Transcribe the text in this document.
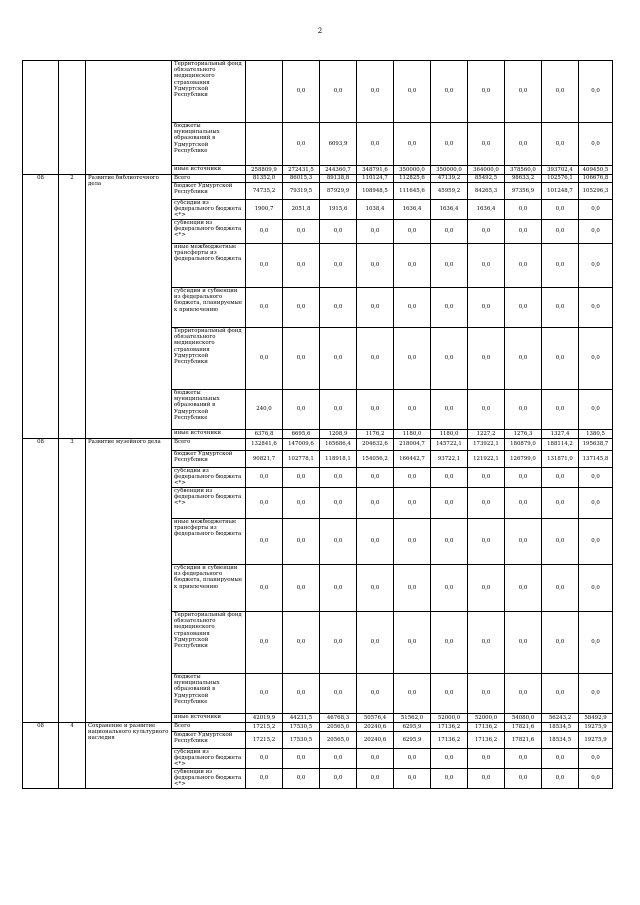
2
			Территориальный фонд обязательного медицинского страхования Удмуртской Республики		0,0	0,0	0,0	0,0	0,0	0,0	0,0	0,0	0,0
			бюджеты муниципальных образований в Удмуртской Республике		0,0	6093,9	0,0	0,0	0,0	0,0	0,0	0,0	0,0
			иные источники	258809,9	272431,5	244360,7	348791,6	350000,0	350000,0	364000,0	378560,0	393702,4	409450,5
08	2	Развитие библиотечного дела	Всего	81352,0	86015,3	89138,8	110124,7	112825,6	47139,2	85492,5	98633,2	102576,1	106676,8
			бюджет Удмуртской Республики	74735,2	79319,5	87929,9	108948,5	111645,6	45959,2	84265,3	97356,9	101248,7	105296,3
			субсидии из федерального бюджета <*>	1900,7	2051,8	1915,6	1038,4	1636,4	1636,4	1636,4	0,0	0,0	0,0
			субвенции из федерального бюджета <*>	0,0	0,0	0,0	0,0	0,0	0,0	0,0	0,0	0,0	0,0
			иные межбюджетные трансферты из федерального бюджета	0,0	0,0	0,0	0,0	0,0	0,0	0,0	0,0	0,0	0,0
			субсидии и субвенции из федерального бюджета, планируемые к привлечению	0,0	0,0	0,0	0,0	0,0	0,0	0,0	0,0	0,0	0,0
			Территориальный фонд обязательного медицинского страхования Удмуртской Республики	0,0	0,0	0,0	0,0	0,0	0,0	0,0	0,0	0,0	0,0
			бюджеты муниципальных образований в Удмуртской Республике	240,0	0,0	0,0	0,0	0,0	0,0	0,0	0,0	0,0	0,0
			иные источники	6376,8	6695,6	1208,9	1176,2	1180,0	1180,0	1227,2	1276,3	1327,4	1380,5
08	3	Развитие музейного дела	Всего	132841,6	147009,6	165686,4	204632,6	218004,7	145722,1	173922,1	180879,0	188114,2	195638,7
			бюджет Удмуртской Республики	90821,7	102778,1	118918,1	154056,2	166442,7	93722,1	121922,1	126799,0	131871,0	137145,8
			субсидии из федерального бюджета <*>	0,0	0,0	0,0	0,0	0,0	0,0	0,0	0,0	0,0	0,0
			субвенции из федерального бюджета <*>	0,0	0,0	0,0	0,0	0,0	0,0	0,0	0,0	0,0	0,0
			иные межбюджетные трансферты из федерального бюджета	0,0	0,0	0,0	0,0	0,0	0,0	0,0	0,0	0,0	0,0
			субсидии и субвенции из федерального бюджета, планируемые к привлечению	0,0	0,0	0,0	0,0	0,0	0,0	0,0	0,0	0,0	0,0
			Территориальный фонд обязательного медицинского страхования Удмуртской Республики	0,0	0,0	0,0	0,0	0,0	0,0	0,0	0,0	0,0	0,0
			бюджеты муниципальных образований в Удмуртской Республике	0,0	0,0	0,0	0,0	0,0	0,0	0,0	0,0	0,0	0,0
			иные источники	42019,9	44231,5	46768,3	50576,4	51562,0	52000,0	52000,0	54080,0	56243,2	58492,9
08	4	Сохранение и развитие национального культурного наследия	Всего	17215,2	17530,5	20565,0	20240,6	6295,9	17136,2	17136,2	17821,6	18534,5	19275,9
			бюджет Удмуртской Республики	17215,2	17530,5	20565,0	20240,6	6295,9	17136,2	17136,2	17821,6	18534,5	19275,9
			субсидии из федерального бюджета <*>	0,0	0,0	0,0	0,0	0,0	0,0	0,0	0,0	0,0	0,0
			субвенции из федерального бюджета <*>	0,0	0,0	0,0	0,0	0,0	0,0	0,0	0,0	0,0	0,0
